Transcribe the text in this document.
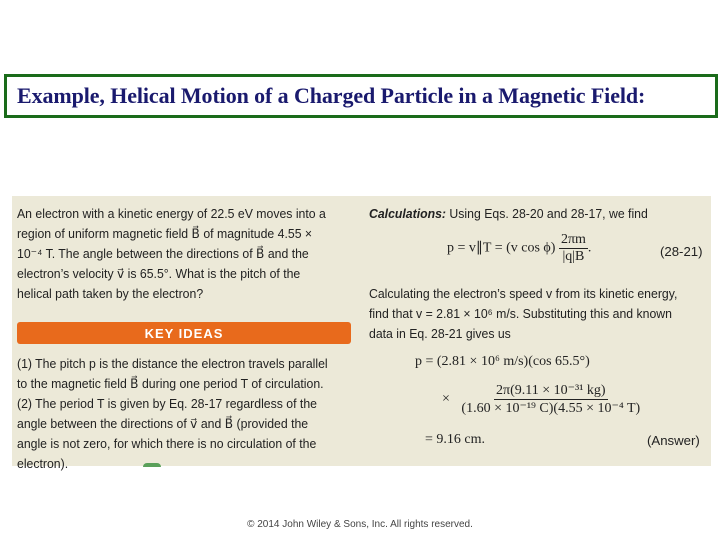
Example, Helical Motion of a Charged Particle in a Magnetic Field:

An electron with a kinetic energy of 22.5 eV moves into a region of uniform magnetic field B⃗ of magnitude 4.55 × 10⁻⁴ T. The angle between the directions of B⃗ and the electron’s velocity v⃗ is 65.5°. What is the pitch of the helical path taken by the electron?

KEY IDEAS

(1) The pitch p is the distance the electron travels parallel to the magnetic field B⃗ during one period T of circulation. (2) The period T is given by Eq. 28-17 regardless of the angle between the directions of v⃗ and B⃗ (provided the angle is not zero, for which there is no circulation of the electron).

Calculations: Using Eqs. 28-20 and 28-17, we find
p = v∥T = (v $\cos \phi) \frac{2\pi m}{|q|B}$ .	(28-21)
Calculating the electron’s speed v from its kinetic energy, find that v = 2.81 × 10⁶ m/s. Substituting this and known data in Eq. 28-21 gives us
p = (2.81 × 10⁶ m/s)(cos 65.5°)
× $\frac{\text{2π(9.11 × 10⁻³¹ kg)}}{\text{(1.60 × 10⁻¹⁹ C)(4.55 × 10⁻⁴ T)}}$
= 9.16 cm.	(Answer)
© 2014 John Wiley & Sons, Inc. All rights reserved.
